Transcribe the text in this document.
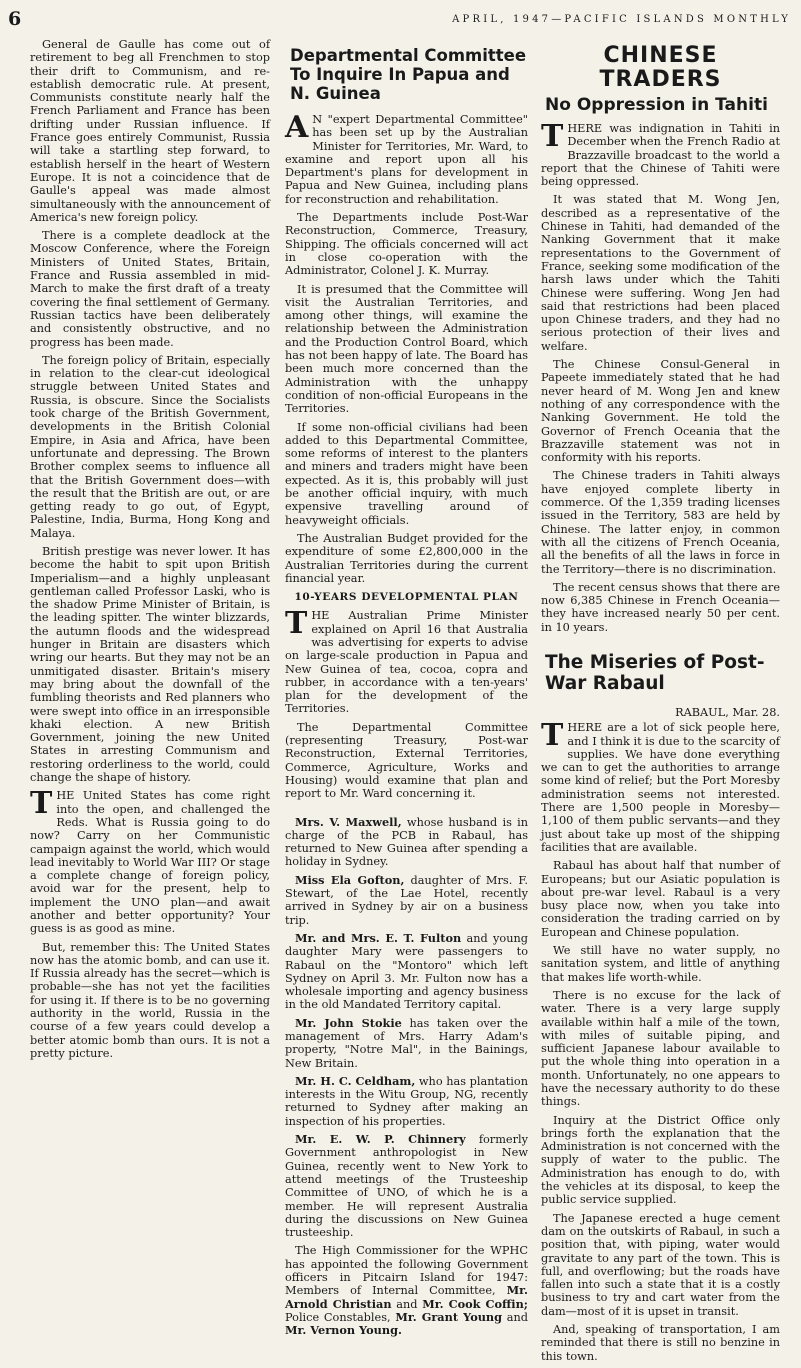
6	APRIL, 1947—PACIFIC ISLANDS MONTHLY

General de Gaulle has come out of retirement to beg all Frenchmen to stop their drift to Communism, and re-establish democratic rule. At present, Communists constitute nearly half the French Parliament and France has been drifting under Russian influence. If France goes entirely Communist, Russia will take a startling step forward, to establish herself in the heart of Western Europe. It is not a coincidence that de Gaulle's appeal was made almost simultaneously with the announcement of America's new foreign policy.

There is a complete deadlock at the Moscow Conference, where the Foreign Ministers of United States, Britain, France and Russia assembled in mid-March to make the first draft of a treaty covering the final settlement of Germany. Russian tactics have been deliberately and consistently obstructive, and no progress has been made.

The foreign policy of Britain, especially in relation to the clear-cut ideological struggle between United States and Russia, is obscure. Since the Socialists took charge of the British Government, developments in the British Colonial Empire, in Asia and Africa, have been unfortunate and depressing. The Brown Brother complex seems to influence all that the British Government does—with the result that the British are out, or are getting ready to go out, of Egypt, Palestine, India, Burma, Hong Kong and Malaya.

British prestige was never lower. It has become the habit to spit upon British Imperialism—and a highly unpleasant gentleman called Professor Laski, who is the shadow Prime Minister of Britain, is the leading spitter. The winter blizzards, the autumn floods and the widespread hunger in Britain are disasters which wring our hearts. But they may not be an unmitigated disaster. Britain's misery may bring about the downfall of the fumbling theorists and Red planners who were swept into office in an irresponsible khaki election. A new British Government, joining the new United States in arresting Communism and restoring orderliness to the world, could change the shape of history.

THE United States has come right into the open, and challenged the Reds. What is Russia going to do now? Carry on her Communistic campaign against the world, which would lead inevitably to World War III? Or stage a complete change of foreign policy, avoid war for the present, help to implement the UNO plan—and await another and better opportunity? Your guess is as good as mine.

But, remember this: The United States now has the atomic bomb, and can use it. If Russia already has the secret—which is probable—she has not yet the facilities for using it. If there is to be no governing authority in the world, Russia in the course of a few years could develop a better atomic bomb than ours. It is not a pretty picture.

Departmental Committee To Inquire In Papua and N. Guinea

A N "expert Departmental Committee" has been set up by the Australian Minister for Territories, Mr. Ward, to examine and report upon all his Department's plans for development in Papua and New Guinea, including plans for reconstruction and rehabilitation.

The Departments include Post-War Reconstruction, Commerce, Treasury, Shipping. The officials concerned will act in close co-operation with the Administrator, Colonel J. K. Murray.

It is presumed that the Committee will visit the Australian Territories, and among other things, will examine the relationship between the Administration and the Production Control Board, which has not been happy of late. The Board has been much more concerned than the Administration with the unhappy condition of non-official Europeans in the Territories.

If some non-official civilians had been added to this Departmental Committee, some reforms of interest to the planters and miners and traders might have been expected. As it is, this probably will just be another official inquiry, with much expensive travelling around of heavyweight officials.

The Australian Budget provided for the expenditure of some £2,800,000 in the Australian Territories during the current financial year.

10-YEARS DEVELOPMENTAL PLAN

THE Australian Prime Minister explained on April 16 that Australia was advertising for experts to advise on large-scale production in Papua and New Guinea of tea, cocoa, copra and rubber, in accordance with a ten-years' plan for the development of the Territories.

The Departmental Committee (representing Treasury, Post-war Reconstruction, External Territories, Commerce, Agriculture, Works and Housing) would examine that plan and report to Mr. Ward concerning it.

Mrs. V. Maxwell, whose husband is in charge of the PCB in Rabaul, has returned to New Guinea after spending a holiday in Sydney.

Miss Ela Gofton, daughter of Mrs. F. Stewart, of the Lae Hotel, recently arrived in Sydney by air on a business trip.

Mr. and Mrs. E. T. Fulton and young daughter Mary were passengers to Rabaul on the "Montoro" which left Sydney on April 3. Mr. Fulton now has a wholesale importing and agency business in the old Mandated Territory capital.

Mr. John Stokie has taken over the management of Mrs. Harry Adam's property, "Notre Mal", in the Bainings, New Britain.

Mr. H. C. Celdham, who has plantation interests in the Witu Group, NG, recently returned to Sydney after making an inspection of his properties.

Mr. E. W. P. Chinnery formerly Government anthropologist in New Guinea, recently went to New York to attend meetings of the Trusteeship Committee of UNO, of which he is a member. He will represent Australia during the discussions on New Guinea trusteeship.

The High Commissioner for the WPHC has appointed the following Government officers in Pitcairn Island for 1947: Members of Internal Committee, Mr. Arnold Christian and Mr. Cook Coffin; Police Constables, Mr. Grant Young and Mr. Vernon Young.

CHINESE TRADERS
No Oppression in Tahiti

THERE was indignation in Tahiti in December when the French Radio at Brazzaville broadcast to the world a report that the Chinese of Tahiti were being oppressed.

It was stated that M. Wong Jen, described as a representative of the Chinese in Tahiti, had demanded of the Nanking Government that it make representations to the Government of France, seeking some modification of the harsh laws under which the Tahiti Chinese were suffering. Wong Jen had said that restrictions had been placed upon Chinese traders, and they had no serious protection of their lives and welfare.

The Chinese Consul-General in Papeete immediately stated that he had never heard of M. Wong Jen and knew nothing of any correspondence with the Nanking Government. He told the Governor of French Oceania that the Brazzaville statement was not in conformity with his reports.

The Chinese traders in Tahiti always have enjoyed complete liberty in commerce. Of the 1,359 trading licenses issued in the Territory, 583 are held by Chinese. The latter enjoy, in common with all the citizens of French Oceania, all the benefits of all the laws in force in the Territory—there is no discrimination.

The recent census shows that there are now 6,385 Chinese in French Oceania—they have increased nearly 50 per cent. in 10 years.

The Miseries of Post-War Rabaul
RABAUL, Mar. 28.

THERE are a lot of sick people here, and I think it is due to the scarcity of supplies. We have done everything we can to get the authorities to arrange some kind of relief; but the Port Moresby administration seems not interested. There are 1,500 people in Moresby—1,100 of them public servants—and they just about take up most of the shipping facilities that are available.

Rabaul has about half that number of Europeans; but our Asiatic population is about pre-war level. Rabaul is a very busy place now, when you take into consideration the trading carried on by European and Chinese population.

We still have no water supply, no sanitation system, and little of anything that makes life worth-while.

There is no excuse for the lack of water. There is a very large supply available within half a mile of the town, with miles of suitable piping, and sufficient Japanese labour available to put the whole thing into operation in a month. Unfortunately, no one appears to have the necessary authority to do these things.

Inquiry at the District Office only brings forth the explanation that the Administration is not concerned with the supply of water to the public. The Administration has enough to do, with the vehicles at its disposal, to keep the public service supplied.

The Japanese erected a huge cement dam on the outskirts of Rabaul, in such a position that, with piping, water would gravitate to any part of the town. This is full, and overflowing; but the roads have fallen into such a state that it is a costly business to try and cart water from the dam—most of it is upset in transit.

And, speaking of transportation, I am reminded that there is still no benzine in this town.
